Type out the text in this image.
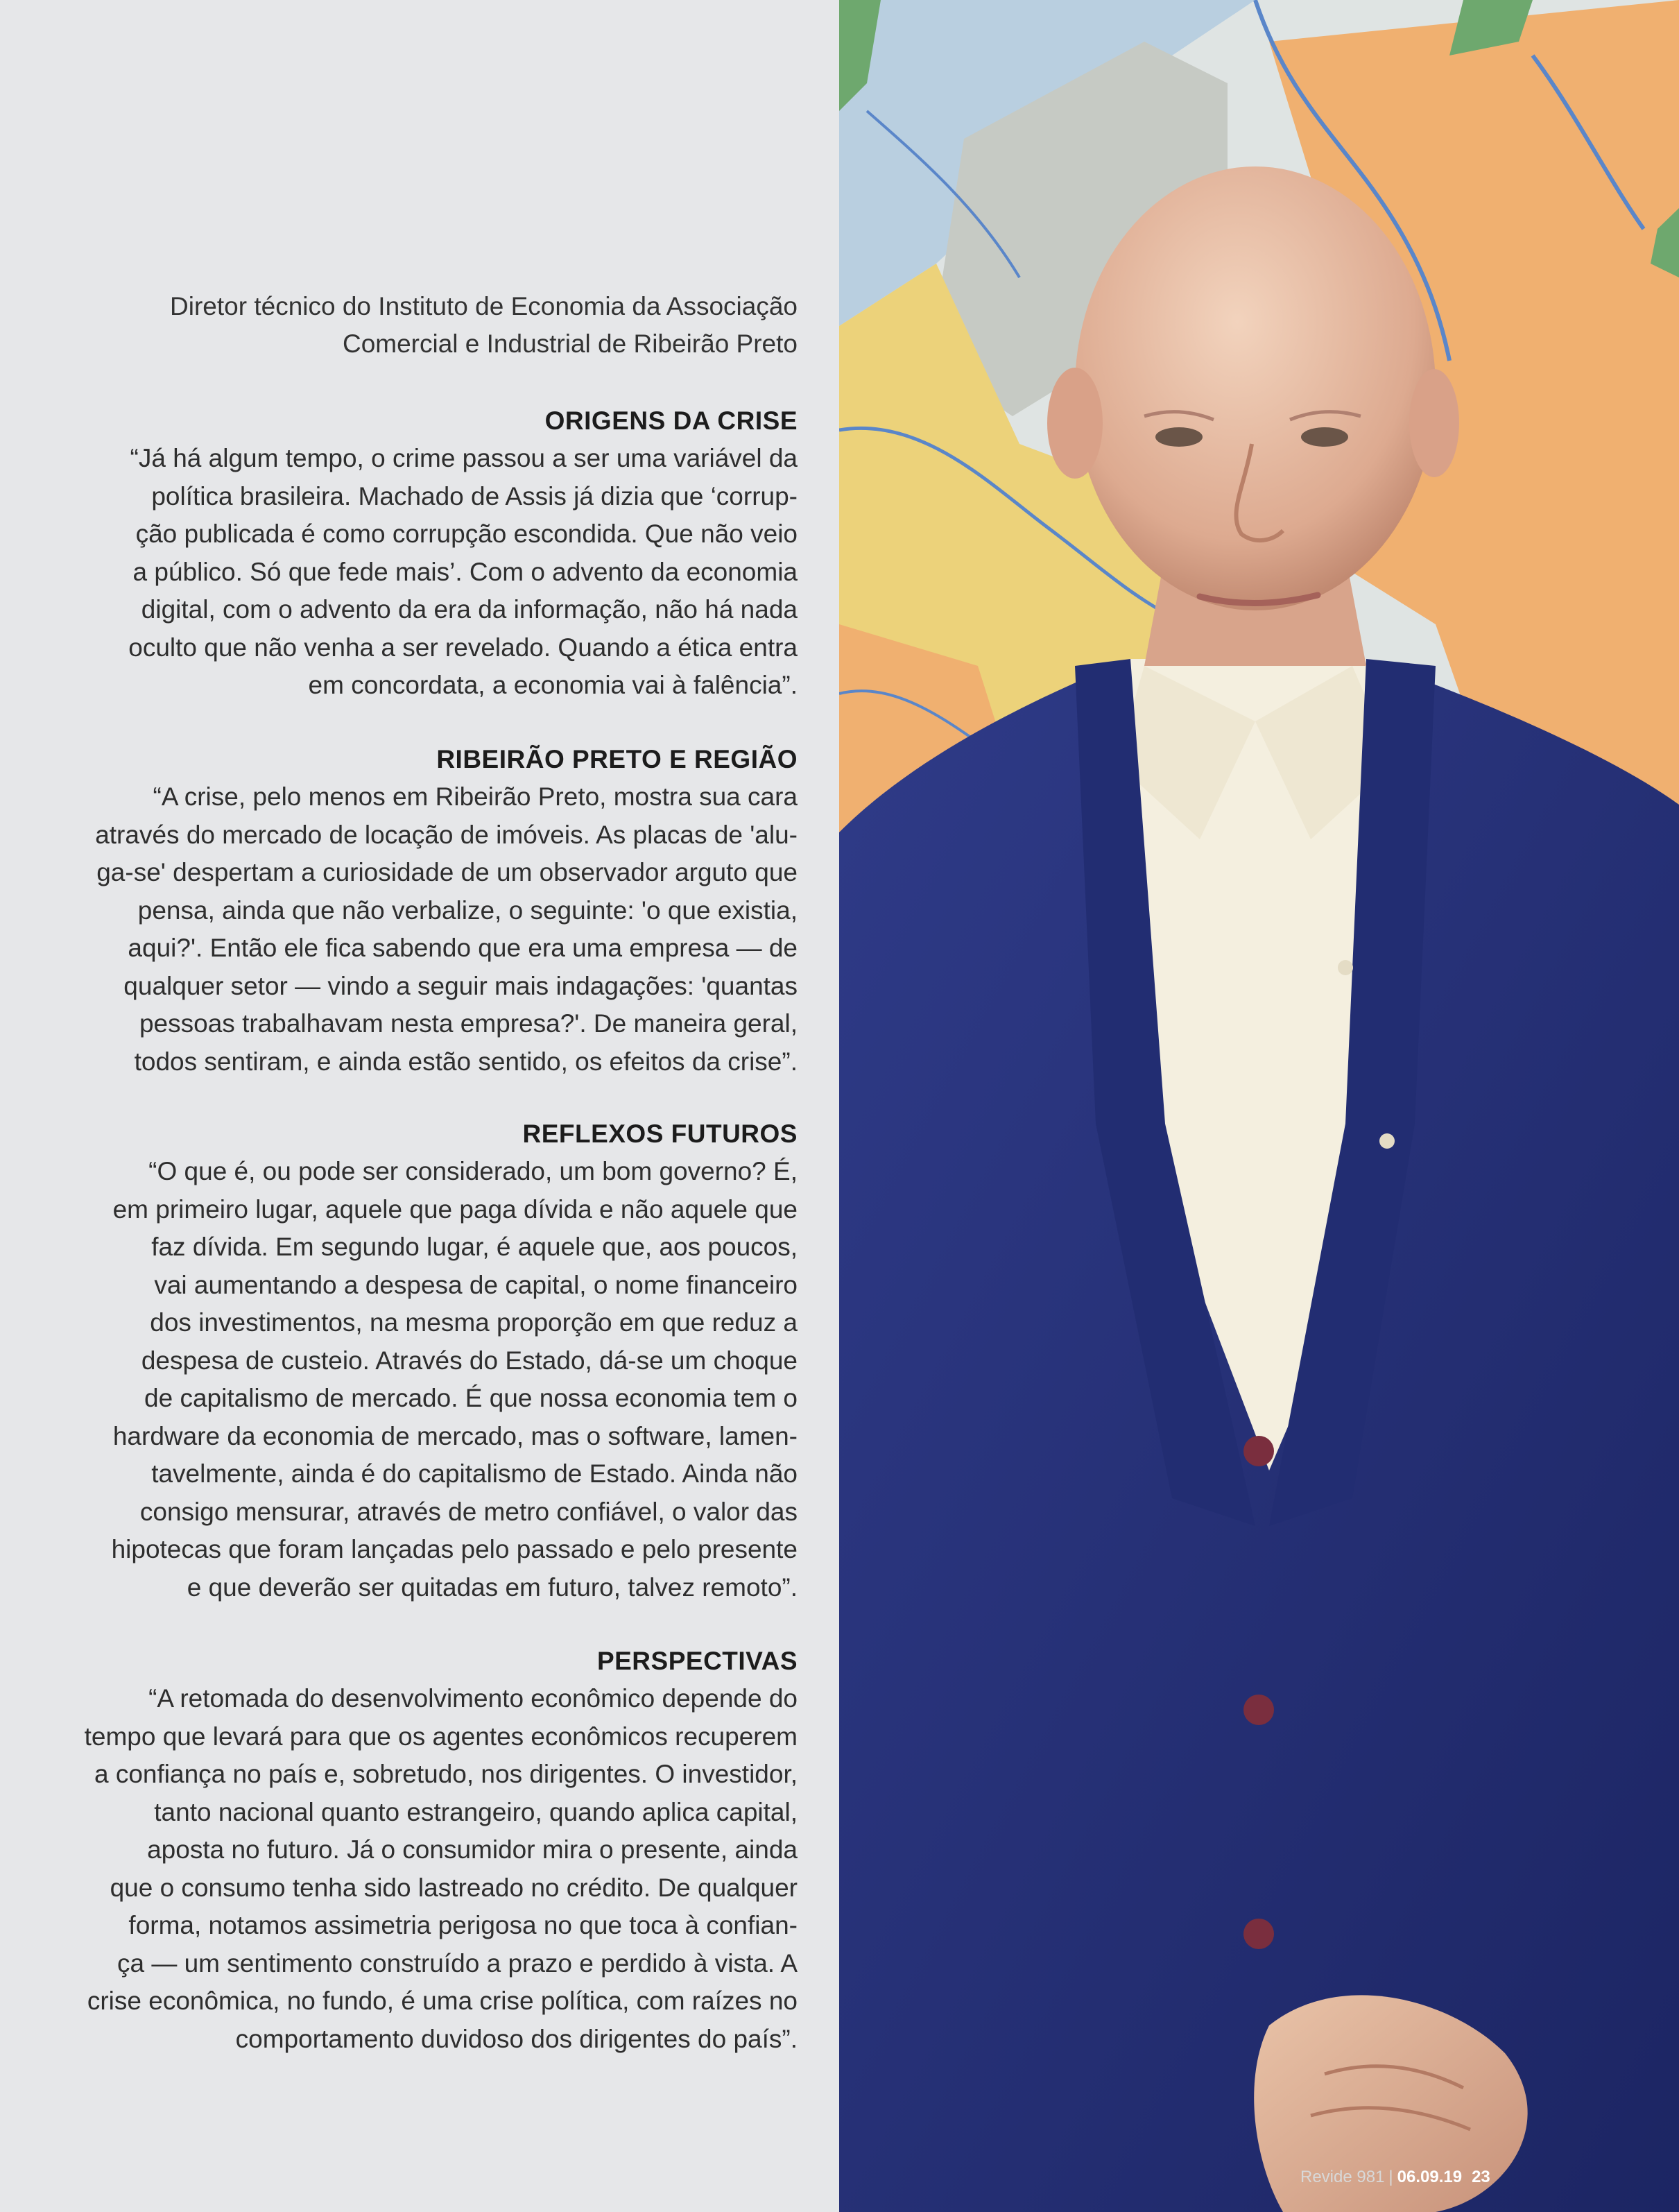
Diretor técnico do Instituto de Economia da Associação
Comercial e Industrial de Ribeirão Preto
ORIGENS DA CRISE
“Já há algum tempo, o crime passou a ser uma variável da
política brasileira. Machado de Assis já dizia que ‘corrup-
ção publicada é como corrupção escondida. Que não veio
a público. Só que fede mais’. Com o advento da economia
digital, com o advento da era da informação, não há nada
oculto que não venha a ser revelado. Quando a ética entra
em concordata, a economia vai à falência”.
RIBEIRÃO PRETO E REGIÃO
“A crise, pelo menos em Ribeirão Preto, mostra sua cara
através do mercado de locação de imóveis. As placas de 'alu-
ga-se' despertam a curiosidade de um observador arguto que
pensa, ainda que não verbalize, o seguinte: 'o que existia,
aqui?'. Então ele fica sabendo que era uma empresa — de
qualquer setor — vindo a seguir mais indagações: 'quantas
pessoas trabalhavam nesta empresa?'. De maneira geral,
todos sentiram, e ainda estão sentido, os efeitos da crise”.
REFLEXOS FUTUROS
“O que é, ou pode ser considerado, um bom governo? É,
em primeiro lugar, aquele que paga dívida e não aquele que
faz dívida. Em segundo lugar, é aquele que, aos poucos,
vai aumentando a despesa de capital, o nome financeiro
dos investimentos, na mesma proporção em que reduz a
despesa de custeio. Através do Estado, dá-se um choque
de capitalismo de mercado. É que nossa economia tem o
hardware da economia de mercado, mas o software, lamen-
tavelmente, ainda é do capitalismo de Estado. Ainda não
consigo mensurar, através de metro confiável, o valor das
hipotecas que foram lançadas pelo passado e pelo presente
e que deverão ser quitadas em futuro, talvez remoto”.
PERSPECTIVAS
“A retomada do desenvolvimento econômico depende do
tempo que levará para que os agentes econômicos recuperem
a confiança no país e, sobretudo, nos dirigentes. O investidor,
tanto nacional quanto estrangeiro, quando aplica capital,
aposta no futuro. Já o consumidor mira o presente, ainda
que o consumo tenha sido lastreado no crédito. De qualquer
forma, notamos assimetria perigosa no que toca à confian-
ça — um sentimento construído a prazo e perdido à vista. A
crise econômica, no fundo, é uma crise política, com raízes no
comportamento duvidoso dos dirigentes do país”.
Revide 981 | 06.09.19 23
